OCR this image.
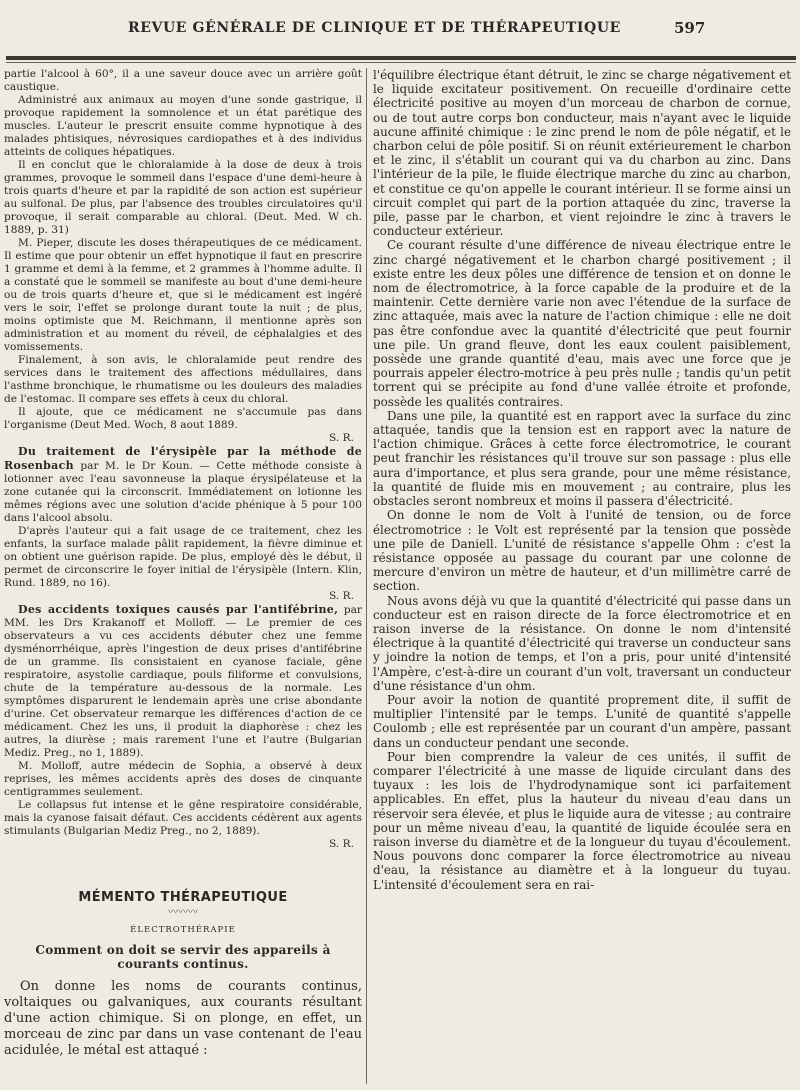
REVUE GÉNÉRALE DE CLINIQUE ET DE THÉRAPEUTIQUE	597

partie l'alcool à 60°, il a une saveur douce avec un arrière goût caustique.

Administré aux animaux au moyen d'une sonde gastrique, il provoque rapidement la somnolence et un état parétique des muscles. L'auteur le prescrit ensuite comme hypnotique à des malades phtisiques, névrosiques cardiopathes et à des individus atteints de coliques hépatiques.

Il en conclut que le chloralamide à la dose de deux à trois grammes, provoque le sommeil dans l'espace d'une demi-heure à trois quarts d'heure et par la rapidité de son action est supérieur au sulfonal. De plus, par l'absence des troubles circulatoires qu'il provoque, il serait comparable au chloral. (Deut. Med. W ch. 1889, p. 31)

M. Pieper, discute les doses thérapeutiques de ce médicament. Il estime que pour obtenir un effet hypnotique il faut en prescrire 1 gramme et demi à la femme, et 2 grammes à l'homme adulte. Il a constaté que le sommeil se manifeste au bout d'une demi-heure ou de trois quarts d'heure et, que si le médicament est ingéré vers le soir, l'effet se prolonge durant toute la nuit ; de plus, moins optimiste que M. Reichmann, il mentionne après son administration et au moment du réveil, de céphalalgies et des vomissements.

Finalement, à son avis, le chloralamide peut rendre des services dans le traitement des affections médullaires, dans l'asthme bronchique, le rhumatisme ou les douleurs des maladies de l'estomac. Il compare ses effets à ceux du chloral.

Il ajoute, que ce médicament ne s'accumule pas dans l'organisme (Deut Med. Woch, 8 aout 1889.

S. R.

Du traitement de l'érysipèle par la méthode de Rosenbach par M. le Dr Koun. — Cette méthode consiste à lotionner avec l'eau savonneuse la plaque érysipélateuse et la zone cutanée qui la circonscrit. Immédiatement on lotionne les mêmes régions avec une solution d'acide phénique à 5 pour 100 dans l'alcool absolu.

D'après l'auteur qui a fait usage de ce traitement, chez les enfants, la surface malade pâlit rapidement, la fièvre diminue et on obtient une guérison rapide. De plus, employé dès le début, il permet de circonscrire le foyer initial de l'érysipèle (Intern. Klin, Rund. 1889, no 16).

S. R.

Des accidents toxiques causés par l'antifébrine, par MM. les Drs Krakanoff et Molloff. — Le premier de ces observateurs a vu ces accidents débuter chez une femme dysménorrhéique, après l'ingestion de deux prises d'antifébrine de un gramme. Ils consistaient en cyanose faciale, gêne respiratoire, asystolie cardiaque, pouls filiforme et convulsions, chute de la température au-dessous de la normale. Les symptômes disparurent le lendemain après une crise abondante d'urine. Cet observateur remarque les différences d'action de ce médicament. Chez les uns, il produit la diaphorèse : chez les autres, la diurèse ; mais rarement l'une et l'autre (Bulgarian Mediz. Preg., no 1, 1889).

M. Molloff, autre médecin de Sophia, a observé à deux reprises, les mêmes accidents après des doses de cinquante centigrammes seulement.

Le collapsus fut intense et le gêne respiratoire considérable, mais la cyanose faisait défaut. Ces accidents cédèrent aux agents stimulants (Bulgarian Mediz Preg., no 2, 1889).

S. R.

MÉMENTO THÉRAPEUTIQUE
〰〰〰
ÉLECTROTHÉRAPIE
Comment on doit se servir des appareils à courants continus.

On donne les noms de courants continus, voltaiques ou galvaniques, aux courants résultant d'une action chimique. Si on plonge, en effet, un morceau de zinc par dans un vase contenant de l'eau acidulée, le métal est attaqué :

l'équilibre électrique étant détruit, le zinc se charge négativement et le liquide excitateur positivement. On recueille d'ordinaire cette électricité positive au moyen d'un morceau de charbon de cornue, ou de tout autre corps bon conducteur, mais n'ayant avec le liquide aucune affinité chimique : le zinc prend le nom de pôle négatif, et le charbon celui de pôle positif. Si on réunit extérieurement le charbon et le zinc, il s'établit un courant qui va du charbon au zinc. Dans l'intérieur de la pile, le fluide électrique marche du zinc au charbon, et constitue ce qu'on appelle le courant intérieur. Il se forme ainsi un circuit complet qui part de la portion attaquée du zinc, traverse la pile, passe par le charbon, et vient rejoindre le zinc à travers le conducteur extérieur.

Ce courant résulte d'une différence de niveau électrique entre le zinc chargé négativement et le charbon chargé positivement ; il existe entre les deux pôles une différence de tension et on donne le nom de électromotrice, à la force capable de la produire et de la maintenir. Cette dernière varie non avec l'étendue de la surface de zinc attaquée, mais avec la nature de l'action chimique : elle ne doit pas être confondue avec la quantité d'électricité que peut fournir une pile. Un grand fleuve, dont les eaux coulent paisiblement, possède une grande quantité d'eau, mais avec une force que je pourrais appeler électro-motrice à peu près nulle ; tandis qu'un petit torrent qui se précipite au fond d'une vallée étroite et profonde, possède les qualités contraires.

Dans une pile, la quantité est en rapport avec la surface du zinc attaquée, tandis que la tension est en rapport avec la nature de l'action chimique. Grâces à cette force électromotrice, le courant peut franchir les résistances qu'il trouve sur son passage : plus elle aura d'importance, et plus sera grande, pour une même résistance, la quantité de fluide mis en mouvement ; au contraire, plus les obstacles seront nombreux et moins il passera d'électricité.

On donne le nom de Volt à l'unité de tension, ou de force électromotrice : le Volt est représenté par la tension que possède une pile de Daniell. L'unité de résistance s'appelle Ohm : c'est la résistance opposée au passage du courant par une colonne de mercure d'environ un mètre de hauteur, et d'un millimètre carré de section.

Nous avons déjà vu que la quantité d'électricité qui passe dans un conducteur est en raison directe de la force électromotrice et en raison inverse de la résistance. On donne le nom d'intensité électrique à la quantité d'électricité qui traverse un conducteur sans y joindre la notion de temps, et l'on a pris, pour unité d'intensité l'Ampère, c'est-à-dire un courant d'un volt, traversant un conducteur d'une résistance d'un ohm.

Pour avoir la notion de quantité proprement dite, il suffit de multiplier l'intensité par le temps. L'unité de quantité s'appelle Coulomb ; elle est représentée par un courant d'un ampère, passant dans un conducteur pendant une seconde.

Pour bien comprendre la valeur de ces unités, il suffit de comparer l'électricité à une masse de liquide circulant dans des tuyaux : les lois de l'hydrodynamique sont ici parfaitement applicables. En effet, plus la hauteur du niveau d'eau dans un réservoir sera élevée, et plus le liquide aura de vitesse ; au contraire pour un même niveau d'eau, la quantité de liquide écoulée sera en raison inverse du diamètre et de la longueur du tuyau d'écoulement. Nous pouvons donc comparer la force électromotrice au niveau d'eau, la résistance au diamètre et à la longueur du tuyau. L'intensité d'écoulement sera en rai-
